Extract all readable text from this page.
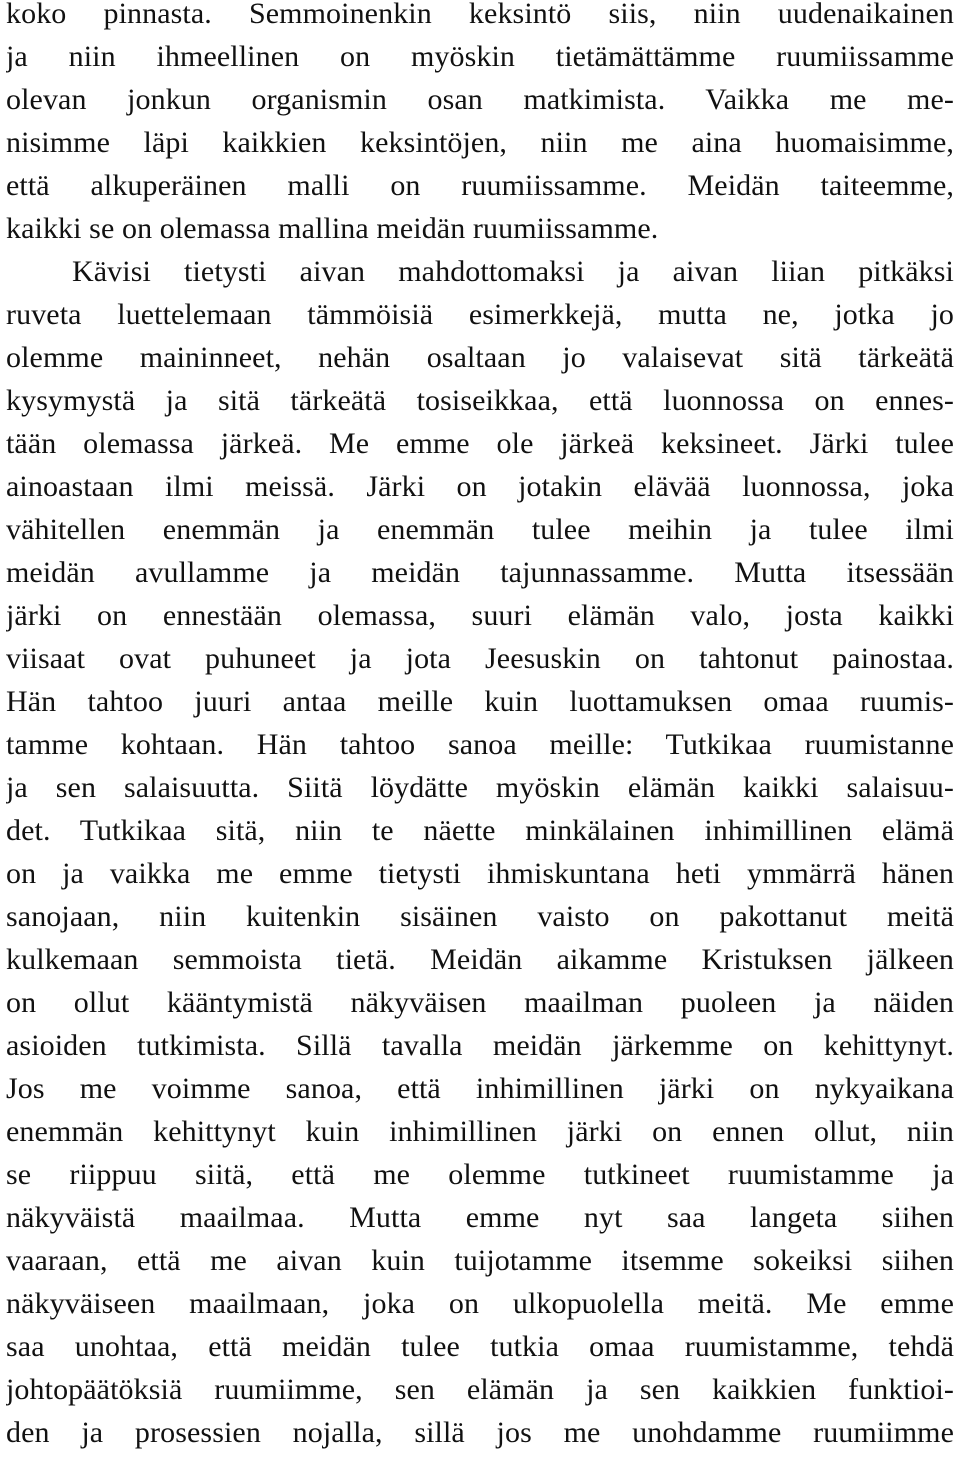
koko pinnasta. Semmoinenkin keksintö siis, niin uudenaikainen
ja niin ihmeellinen on myöskin tietämättämme ruumiissamme
olevan jonkun organismin osan matkimista. Vaikka me me-
nisimme läpi kaikkien keksintöjen, niin me aina huomaisimme,
että alkuperäinen malli on ruumiissamme. Meidän taiteemme,
kaikki se on olemassa mallina meidän ruumiissamme.
Kävisi tietysti aivan mahdottomaksi ja aivan liian pitkäksi
ruveta luettelemaan tämmöisiä esimerkkejä, mutta ne, jotka jo
olemme maininneet, nehän osaltaan jo valaisevat sitä tärkeätä
kysymystä ja sitä tärkeätä tosiseikkaa, että luonnossa on ennes-
tään olemassa järkeä. Me emme ole järkeä keksineet. Järki tulee
ainoastaan ilmi meissä. Järki on jotakin elävää luonnossa, joka
vähitellen enemmän ja enemmän tulee meihin ja tulee ilmi
meidän avullamme ja meidän tajunnassamme. Mutta itsessään
järki on ennestään olemassa, suuri elämän valo, josta kaikki
viisaat ovat puhuneet ja jota Jeesuskin on tahtonut painostaa.
Hän tahtoo juuri antaa meille kuin luottamuksen omaa ruumis-
tamme kohtaan. Hän tahtoo sanoa meille: Tutkikaa ruumistanne
ja sen salaisuutta. Siitä löydätte myöskin elämän kaikki salaisuu-
det. Tutkikaa sitä, niin te näette minkälainen inhimillinen elämä
on ja vaikka me emme tietysti ihmiskuntana heti ymmärrä hänen
sanojaan, niin kuitenkin sisäinen vaisto on pakottanut meitä
kulkemaan semmoista tietä. Meidän aikamme Kristuksen jälkeen
on ollut kääntymistä näkyväisen maailman puoleen ja näiden
asioiden tutkimista. Sillä tavalla meidän järkemme on kehittynyt.
Jos me voimme sanoa, että inhimillinen järki on nykyaikana
enemmän kehittynyt kuin inhimillinen järki on ennen ollut, niin
se riippuu siitä, että me olemme tutkineet ruumistamme ja
näkyväistä maailmaa. Mutta emme nyt saa langeta siihen
vaaraan, että me aivan kuin tuijotamme itsemme sokeiksi siihen
näkyväiseen maailmaan, joka on ulkopuolella meitä. Me emme
saa unohtaa, että meidän tulee tutkia omaa ruumistamme, tehdä
johtopäätöksiä ruumiimme, sen elämän ja sen kaikkien funktioi-
den ja prosessien nojalla, sillä jos me unohdamme ruumiimme
